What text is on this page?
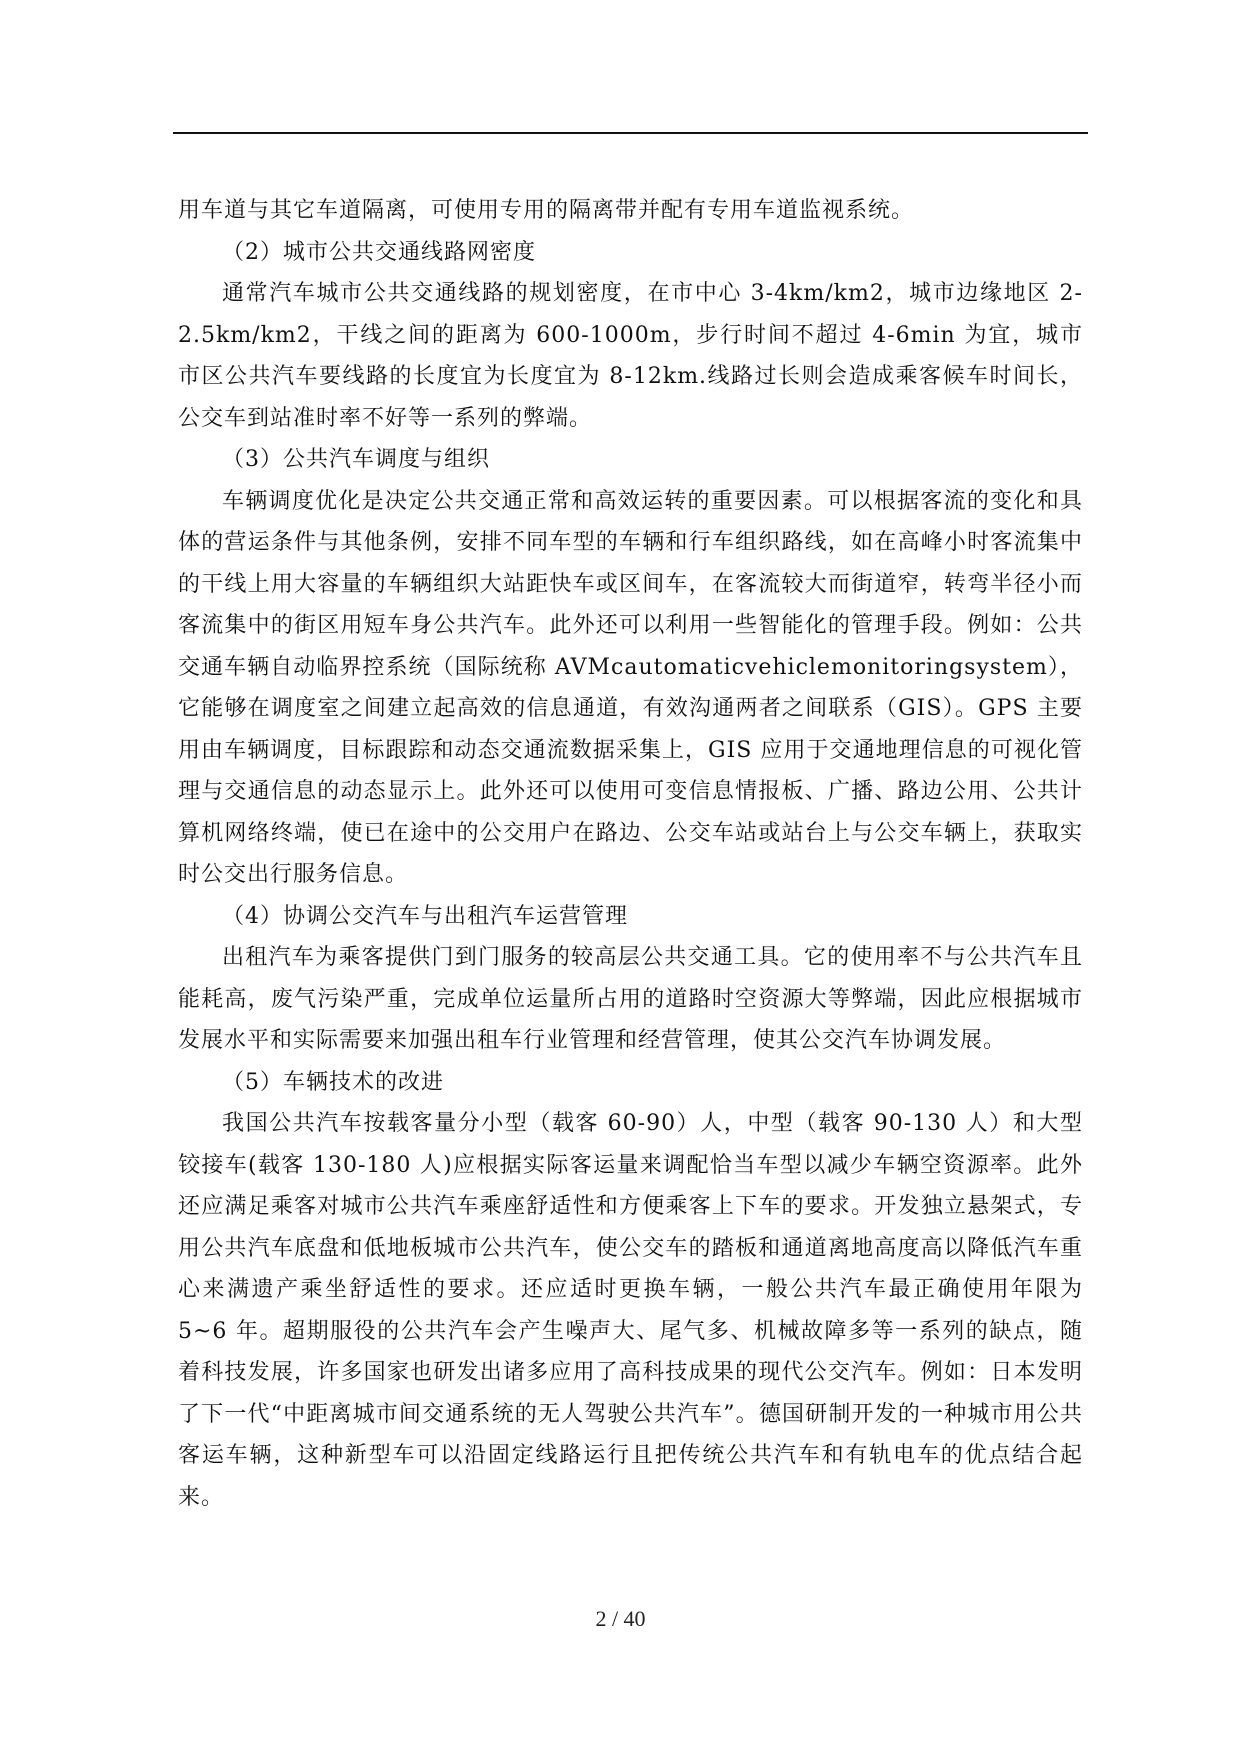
用车道与其它车道隔离，可使用专用的隔离带并配有专用车道监视系统。

（2）城市公共交通线路网密度

通常汽车城市公共交通线路的规划密度，在市中心 3-4km/km2，城市边缘地区 2-2.5km/km2，干线之间的距离为 600-1000m，步行时间不超过 4-6min 为宜，城市市区公共汽车要线路的长度宜为长度宜为 8-12km.线路过长则会造成乘客候车时间长，公交车到站准时率不好等一系列的弊端。

（3）公共汽车调度与组织

车辆调度优化是决定公共交通正常和高效运转的重要因素。可以根据客流的变化和具体的营运条件与其他条例，安排不同车型的车辆和行车组织路线，如在高峰小时客流集中的干线上用大容量的车辆组织大站距快车或区间车，在客流较大而街道窄，转弯半径小而客流集中的街区用短车身公共汽车。此外还可以利用一些智能化的管理手段。例如：公共交通车辆自动临界控系统（国际统称 AVMcautomaticvehiclemonitoringsystem），它能够在调度室之间建立起高效的信息通道，有效沟通两者之间联系（GIS）。GPS 主要用由车辆调度，目标跟踪和动态交通流数据采集上，GIS 应用于交通地理信息的可视化管理与交通信息的动态显示上。此外还可以使用可变信息情报板、广播、路边公用、公共计算机网络终端，使已在途中的公交用户在路边、公交车站或站台上与公交车辆上，获取实时公交出行服务信息。

（4）协调公交汽车与出租汽车运营管理

出租汽车为乘客提供门到门服务的较高层公共交通工具。它的使用率不与公共汽车且能耗高，废气污染严重，完成单位运量所占用的道路时空资源大等弊端，因此应根据城市发展水平和实际需要来加强出租车行业管理和经营管理，使其公交汽车协调发展。

（5）车辆技术的改进

我国公共汽车按载客量分小型（载客 60-90）人，中型（载客 90-130 人）和大型铰接车(载客 130-180 人)应根据实际客运量来调配恰当车型以减少车辆空资源率。此外还应满足乘客对城市公共汽车乘座舒适性和方便乘客上下车的要求。开发独立悬架式，专用公共汽车底盘和低地板城市公共汽车，使公交车的踏板和通道离地高度高以降低汽车重心来满遗产乘坐舒适性的要求。还应适时更换车辆，一般公共汽车最正确使用年限为 5~6 年。超期服役的公共汽车会产生噪声大、尾气多、机械故障多等一系列的缺点，随着科技发展，许多国家也研发出诸多应用了高科技成果的现代公交汽车。例如：日本发明了下一代“中距离城市间交通系统的无人驾驶公共汽车”。德国研制开发的一种城市用公共客运车辆，这种新型车可以沿固定线路运行且把传统公共汽车和有轨电车的优点结合起来。

2 / 40
